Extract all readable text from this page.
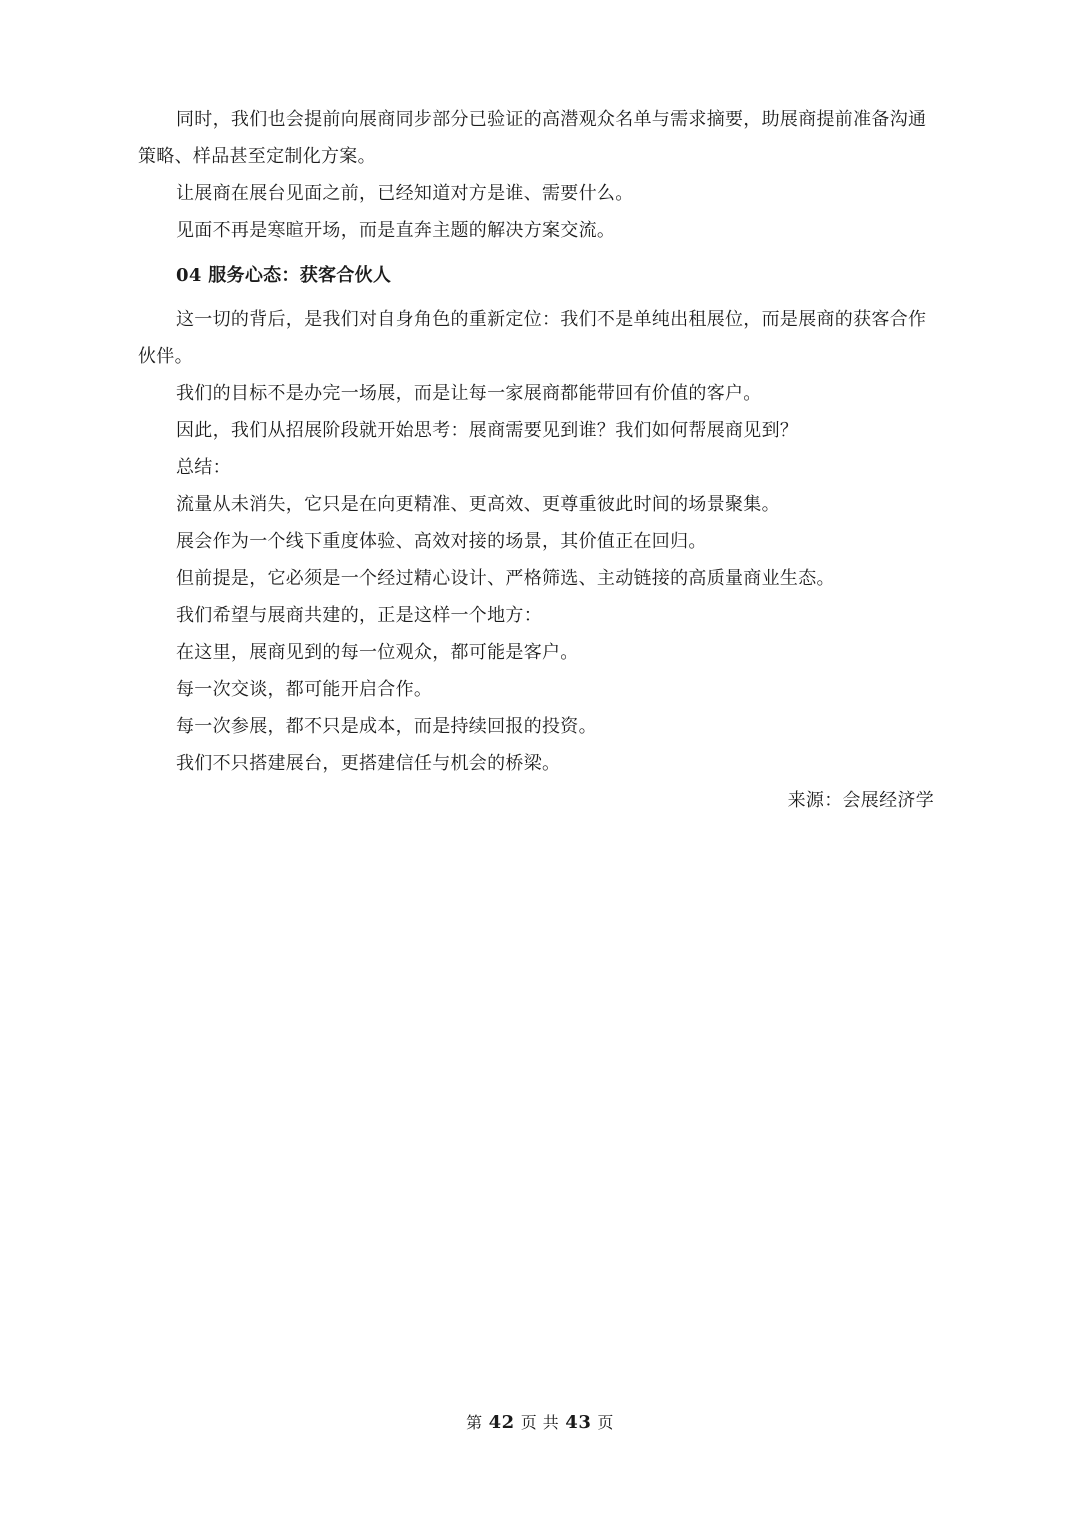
同时，我们也会提前向展商同步部分已验证的高潜观众名单与需求摘要，助展商提前准备沟通策略、样品甚至定制化方案。

让展商在展台见面之前，已经知道对方是谁、需要什么。

见面不再是寒暄开场，而是直奔主题的解决方案交流。

04 服务心态：获客合伙人

这一切的背后，是我们对自身角色的重新定位：我们不是单纯出租展位，而是展商的获客合作伙伴。

我们的目标不是办完一场展，而是让每一家展商都能带回有价值的客户。

因此，我们从招展阶段就开始思考：展商需要见到谁？我们如何帮展商见到？

总结：

流量从未消失，它只是在向更精准、更高效、更尊重彼此时间的场景聚集。

展会作为一个线下重度体验、高效对接的场景，其价值正在回归。

但前提是，它必须是一个经过精心设计、严格筛选、主动链接的高质量商业生态。

我们希望与展商共建的，正是这样一个地方：

在这里，展商见到的每一位观众，都可能是客户。

每一次交谈，都可能开启合作。

每一次参展，都不只是成本，而是持续回报的投资。

我们不只搭建展台，更搭建信任与机会的桥梁。

来源：会展经济学

第 42 页 共 43 页
